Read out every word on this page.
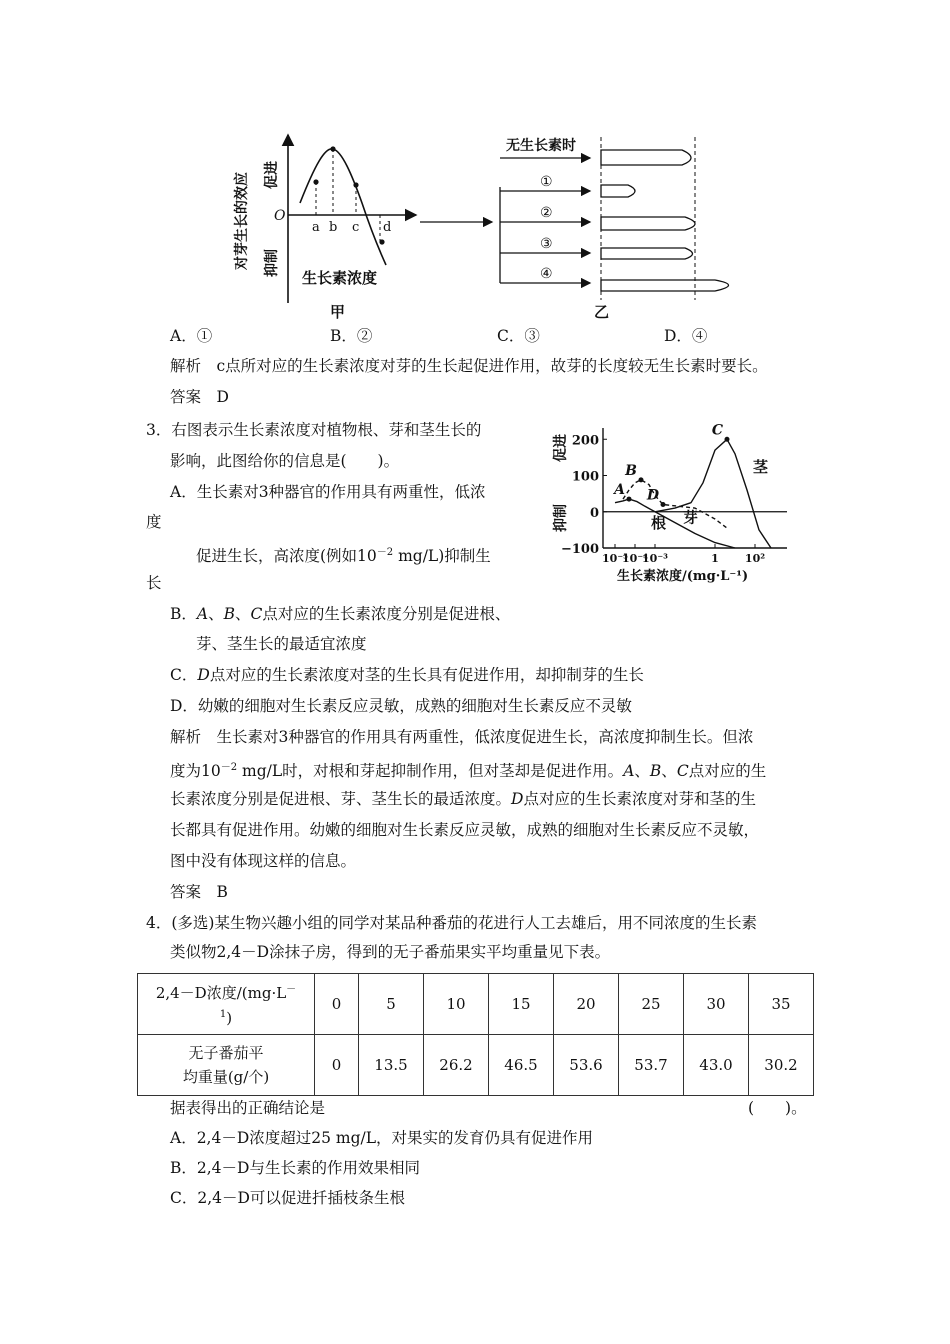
O
a b c d
生长素浓度
甲
对芽生长的效应 促进
抑制
无生长素时
①
②
③
④
乙
A．①	B．②	C．③	D．④
解析　c点所对应的生长素浓度对芽的生长起促进作用，故芽的长度较无生长素时要长。
答案　D
3．右图表示生长素浓度对植物根、芽和茎生长的
影响，此图给你的信息是(　　)。
A．生长素对3种器官的作用具有两重性，低浓
度
促进生长，高浓度(例如$10^{-2}$ mg/L)抑制生
长
B．A、B、C点对应的生长素浓度分别是促进根、
芽、茎生长的最适宜浓度
C．D点对应的生长素浓度对茎的生长具有促进作用，却抑制芽的生长
D．幼嫩的细胞对生长素反应灵敏，成熟的细胞对生长素反应不灵敏
解析　生长素对3种器官的作用具有两重性，低浓度促进生长，高浓度抑制生长。但浓
度为$10^{-2}$ mg/L时，对根和芽起抑制作用，但对茎却是促进作用。A、B、C点对应的生
长素浓度分别是促进根、芽、茎生长的最适浓度。D点对应的生长素浓度对芽和茎的生
长都具有促进作用。幼嫩的细胞对生长素反应灵敏，成熟的细胞对生长素反应不灵敏，
图中没有体现这样的信息。
答案　B
促进
抑制
生长素浓度/(mg·L⁻¹)
200
100
0
−100
10⁻⁵
10⁻⁴
10⁻³	1 10²
A
B
C
D
根 芽
茎
4．(多选)某生物兴趣小组的同学对某品种番茄的花进行人工去雄后，用不同浓度的生长素
类似物2,4－D涂抹子房，得到的无子番茄果实平均重量见下表。
2,4－D浓度/(mg·L－
$^1$)	0	5	10	15	20	25	30	35
无子番茄平
均重量(g/个)	0	13.5	26.2	46.5	53.6	53.7	43.0	30.2
据表得出的正确结论是	(　　)。
A．2,4－D浓度超过25 mg/L，对果实的发育仍具有促进作用
B．2,4－D与生长素的作用效果相同
C．2,4－D可以促进扦插枝条生根
